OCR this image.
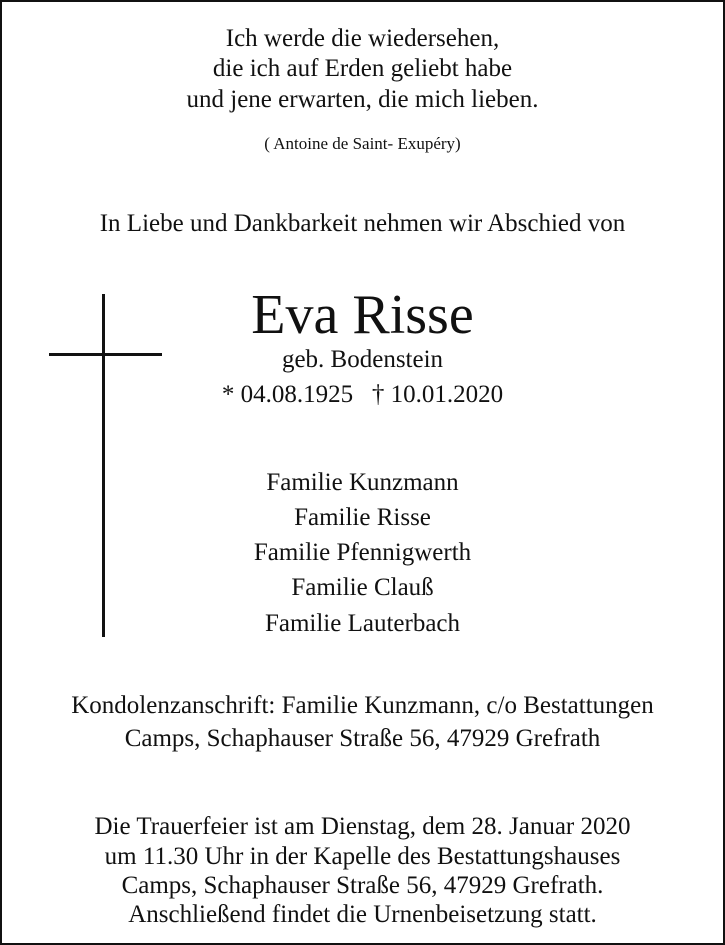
Ich werde die wiedersehen,
die ich auf Erden geliebt habe
und jene erwarten, die mich lieben.
( Antoine de Saint- Exupéry)
In Liebe und Dankbarkeit nehmen wir Abschied von
Eva Risse
geb. Bodenstein
* 04.08.1925   † 10.01.2020
Familie Kunzmann
Familie Risse
Familie Pfennigwerth
Familie Clauß
Familie Lauterbach
Kondolenzanschrift: Familie Kunzmann, c/o Bestattungen
Camps, Schaphauser Straße 56, 47929 Grefrath
Die Trauerfeier ist am Dienstag, dem 28. Januar 2020
um 11.30 Uhr in der Kapelle des Bestattungshauses
Camps, Schaphauser Straße 56, 47929 Grefrath.
Anschließend findet die Urnenbeisetzung statt.
